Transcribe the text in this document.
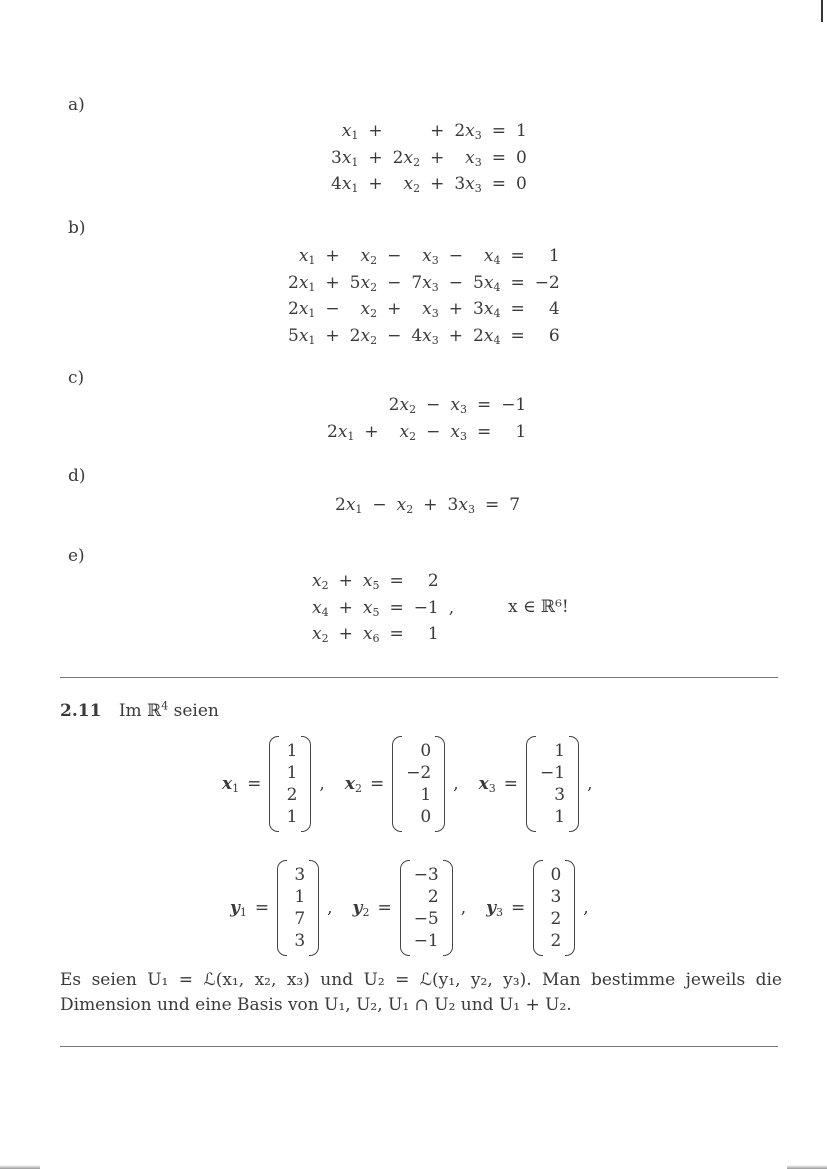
a)
$x_1$	+		+	$2x_3$	=	1
$3x_1$	+	$2x_2$	+	$x_3$	=	0
$4x_1$	+	$x_2$	+	$3x_3$	=	0
b)
$x_1$	+	$x_2$	−	$x_3$	−	$x_4$	=	1
$2x_1$	+	$5x_2$	−	$7x_3$	−	$5x_4$	=	−2
$2x_1$	−	$x_2$	+	$x_3$	+	$3x_4$	=	4
$5x_1$	+	$2x_2$	−	$4x_3$	+	$2x_4$	=	6
c)
		$2x_2$	−	$x_3$	=	−1
$2x_1$	+	$x_2$	−	$x_3$	=	1
d)
$2x_1$	−	$x_2$	+	$3x_3$	=	7
e)
$x_2$	+	$x_5$	=	2	
$x_4$	+	$x_5$	=	−1	,
$x_2$	+	$x_6$	=	1	
x ∈ ℝ⁶!
2.11 Im ℝ$^4$ seien
$x_1$ =
1
1
2
1
, $x_2$ =
0
−2
1
0
, $x_3$ =
1
−1
3
1
,
$y_1$ =
3
1
7
3
, $y_2$ =
−3
2
−5
−1
, $y_3$ =
0
3
2
2
,
Es seien U₁ = ℒ(x₁, x₂, x₃) und U₂ = ℒ(y₁, y₂, y₃). Man bestimme jeweils die Dimension und eine Basis von U₁, U₂, U₁ ∩ U₂ und U₁ + U₂.
